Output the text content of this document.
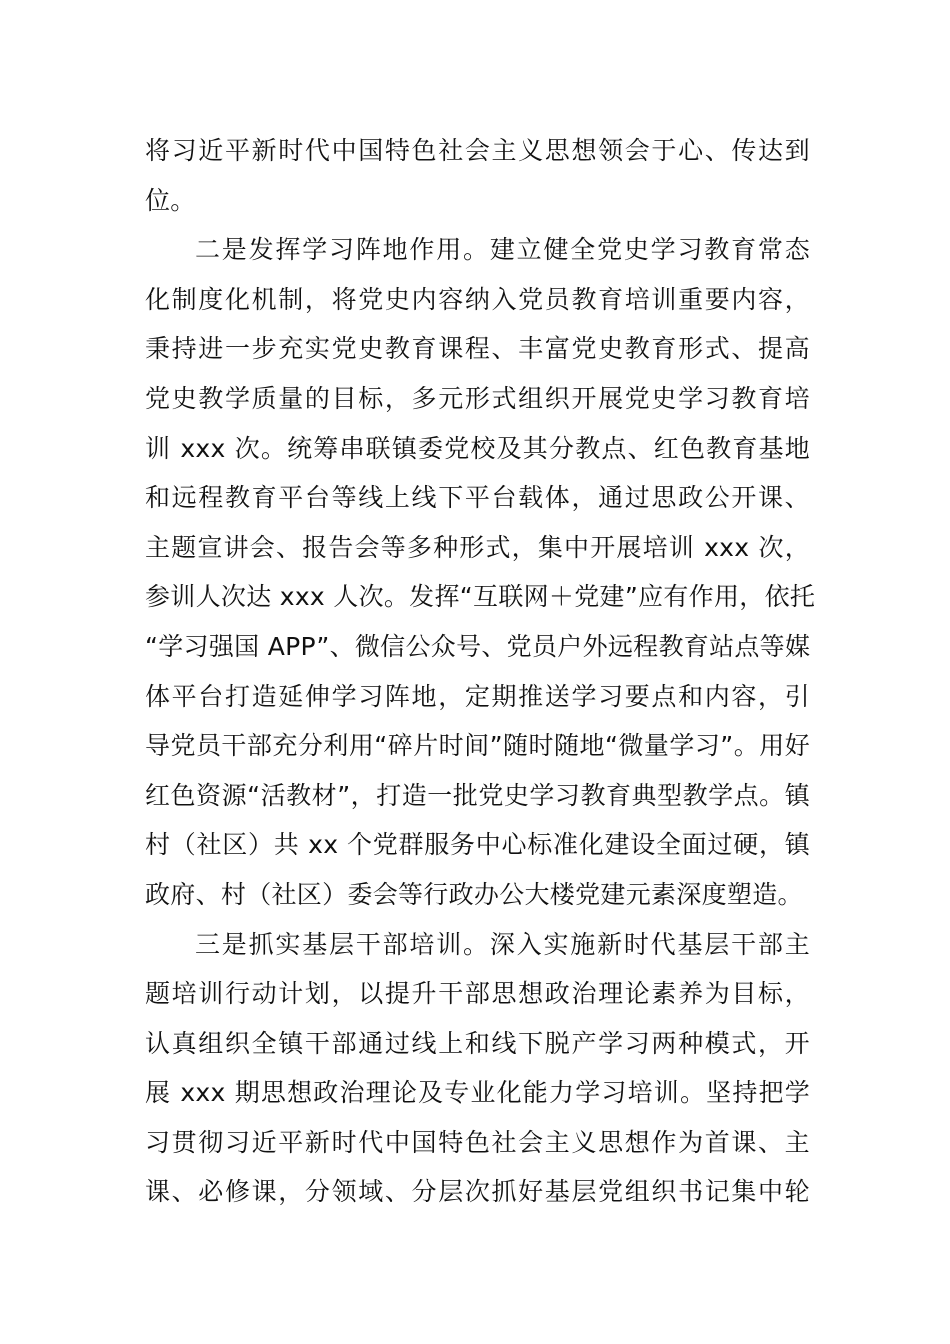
将习近平新时代中国特色社会主义思想领会于心、传达到
位。
二是发挥学习阵地作用。建立健全党史学习教育常态
化制度化机制，将党史内容纳入党员教育培训重要内容，
秉持进一步充实党史教育课程、丰富党史教育形式、提高
党史教学质量的目标，多元形式组织开展党史学习教育培
训 xxx 次。统筹串联镇委党校及其分教点、红色教育基地
和远程教育平台等线上线下平台载体，通过思政公开课、
主题宣讲会、报告会等多种形式，集中开展培训 xxx 次，
参训人次达 xxx 人次。发挥“互联网＋党建”应有作用，依托
“学习强国 APP”、微信公众号、党员户外远程教育站点等媒
体平台打造延伸学习阵地，定期推送学习要点和内容，引
导党员干部充分利用“碎片时间”随时随地“微量学习”。用好
红色资源“活教材”，打造一批党史学习教育典型教学点。镇
村（社区）共 xx 个党群服务中心标准化建设全面过硬，镇
政府、村（社区）委会等行政办公大楼党建元素深度塑造。
三是抓实基层干部培训。深入实施新时代基层干部主
题培训行动计划，以提升干部思想政治理论素养为目标，
认真组织全镇干部通过线上和线下脱产学习两种模式，开
展 xxx 期思想政治理论及专业化能力学习培训。坚持把学
习贯彻习近平新时代中国特色社会主义思想作为首课、主
课、必修课，分领域、分层次抓好基层党组织书记集中轮
